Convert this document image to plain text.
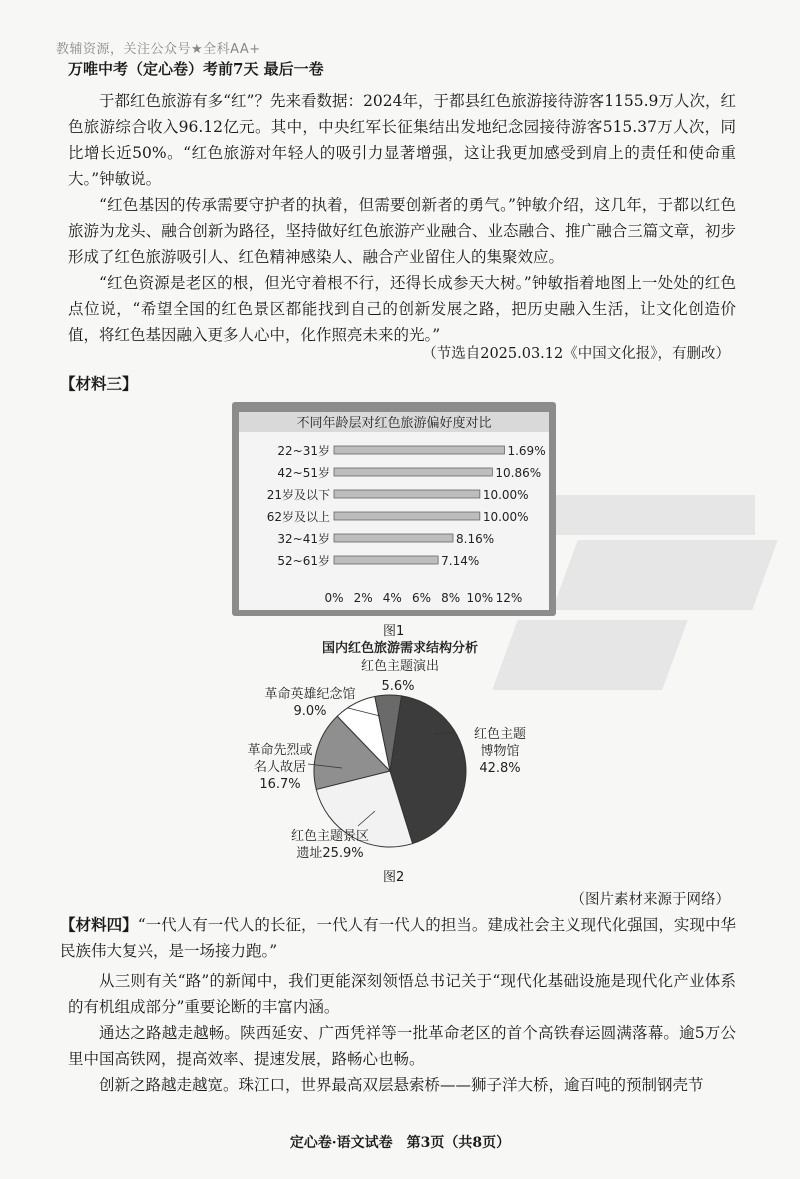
教辅资源，关注公众号★全科AA+
万唯中考（定心卷）考前7天 最后一卷

于都红色旅游有多“红”？先来看数据：2024年，于都县红色旅游接待游客1155.9万人次，红色旅游综合收入96.12亿元。其中，中央红军长征集结出发地纪念园接待游客515.37万人次，同比增长近50%。“红色旅游对年轻人的吸引力显著增强，这让我更加感受到肩上的责任和使命重大。”钟敏说。

“红色基因的传承需要守护者的执着，但需要创新者的勇气。”钟敏介绍，这几年，于都以红色旅游为龙头、融合创新为路径，坚持做好红色旅游产业融合、业态融合、推广融合三篇文章，初步形成了红色旅游吸引人、红色精神感染人、融合产业留住人的集聚效应。

“红色资源是老区的根，但光守着根不行，还得长成参天大树。”钟敏指着地图上一处处的红色点位说，“希望全国的红色景区都能找到自己的创新发展之路，把历史融入生活，让文化创造价值，将红色基因融入更多人心中，化作照亮未来的光。”

（节选自2025.03.12《中国文化报》，有删改）
【材料三】
不同年龄层对红色旅游偏好度对比
22~31岁	1.69%
42~51岁	10.86%
21岁及以下	10.00%
62岁及以上	10.00%
32~41岁	8.16%
52~61岁	7.14%
0% 2% 4% 6% 8% 10% 12%
图1
国内红色旅游需求结构分析
红色主题演出
红色主题
博物馆
42.8%
红色主题景区
遗址25.9%
革命先烈或
名人故居
16.7%
革命英雄纪念馆
9.0%
5.6%
图2
（图片素材来源于网络）
【材料四】“一代人有一代人的长征，一代人有一代人的担当。建成社会主义现代化强国，实现中华民族伟大复兴，是一场接力跑。”

从三则有关“路”的新闻中，我们更能深刻领悟总书记关于“现代化基础设施是现代化产业体系的有机组成部分”重要论断的丰富内涵。

通达之路越走越畅。陕西延安、广西凭祥等一批革命老区的首个高铁春运圆满落幕。逾5万公里中国高铁网，提高效率、提速发展，路畅心也畅。

创新之路越走越宽。珠江口，世界最高双层悬索桥——狮子洋大桥，逾百吨的预制钢壳节

定心卷·语文试卷　第3页（共8页）
